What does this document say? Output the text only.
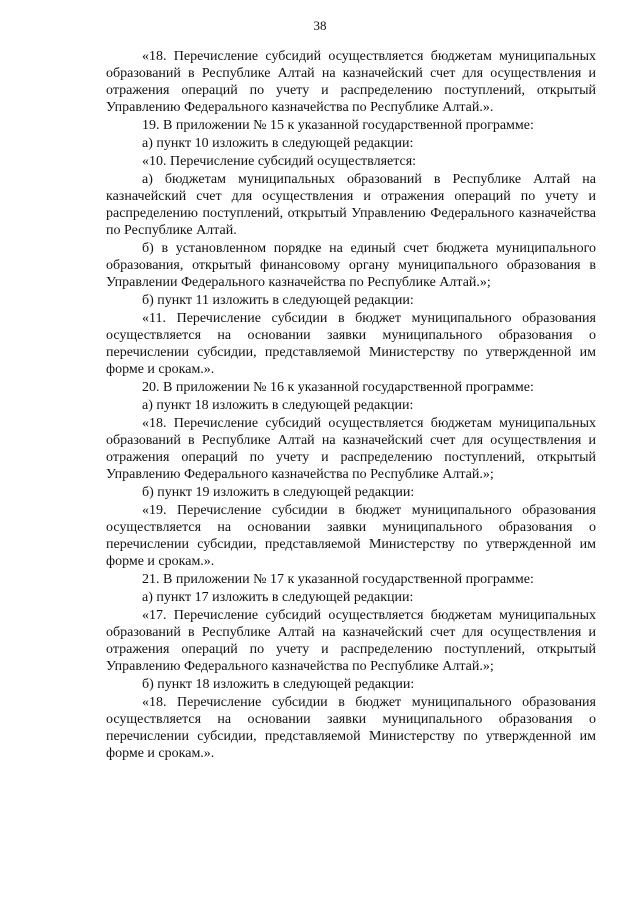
38

«18. Перечисление субсидий осуществляется бюджетам муниципальных образований в Республике Алтай на казначейский счет для осуществления и отражения операций по учету и распределению поступлений, открытый Управлению Федерального казначейства по Республике Алтай.».

19. В приложении № 15 к указанной государственной программе:

а) пункт 10 изложить в следующей редакции:

«10. Перечисление субсидий осуществляется:

а) бюджетам муниципальных образований в Республике Алтай на казначейский счет для осуществления и отражения операций по учету и распределению поступлений, открытый Управлению Федерального казначейства по Республике Алтай.

б) в установленном порядке на единый счет бюджета муниципального образования, открытый финансовому органу муниципального образования в Управлении Федерального казначейства по Республике Алтай.»;

б) пункт 11 изложить в следующей редакции:

«11. Перечисление субсидии в бюджет муниципального образования осуществляется на основании заявки муниципального образования о перечислении субсидии, представляемой Министерству по утвержденной им форме и срокам.».

20. В приложении № 16 к указанной государственной программе:

а) пункт 18 изложить в следующей редакции:

«18. Перечисление субсидий осуществляется бюджетам муниципальных образований в Республике Алтай на казначейский счет для осуществления и отражения операций по учету и распределению поступлений, открытый Управлению Федерального казначейства по Республике Алтай.»;

б) пункт 19 изложить в следующей редакции:

«19. Перечисление субсидии в бюджет муниципального образования осуществляется на основании заявки муниципального образования о перечислении субсидии, представляемой Министерству по утвержденной им форме и срокам.».

21. В приложении № 17 к указанной государственной программе:

а) пункт 17 изложить в следующей редакции:

«17. Перечисление субсидий осуществляется бюджетам муниципальных образований в Республике Алтай на казначейский счет для осуществления и отражения операций по учету и распределению поступлений, открытый Управлению Федерального казначейства по Республике Алтай.»;

б) пункт 18 изложить в следующей редакции:

«18. Перечисление субсидии в бюджет муниципального образования осуществляется на основании заявки муниципального образования о перечислении субсидии, представляемой Министерству по утвержденной им форме и срокам.».
